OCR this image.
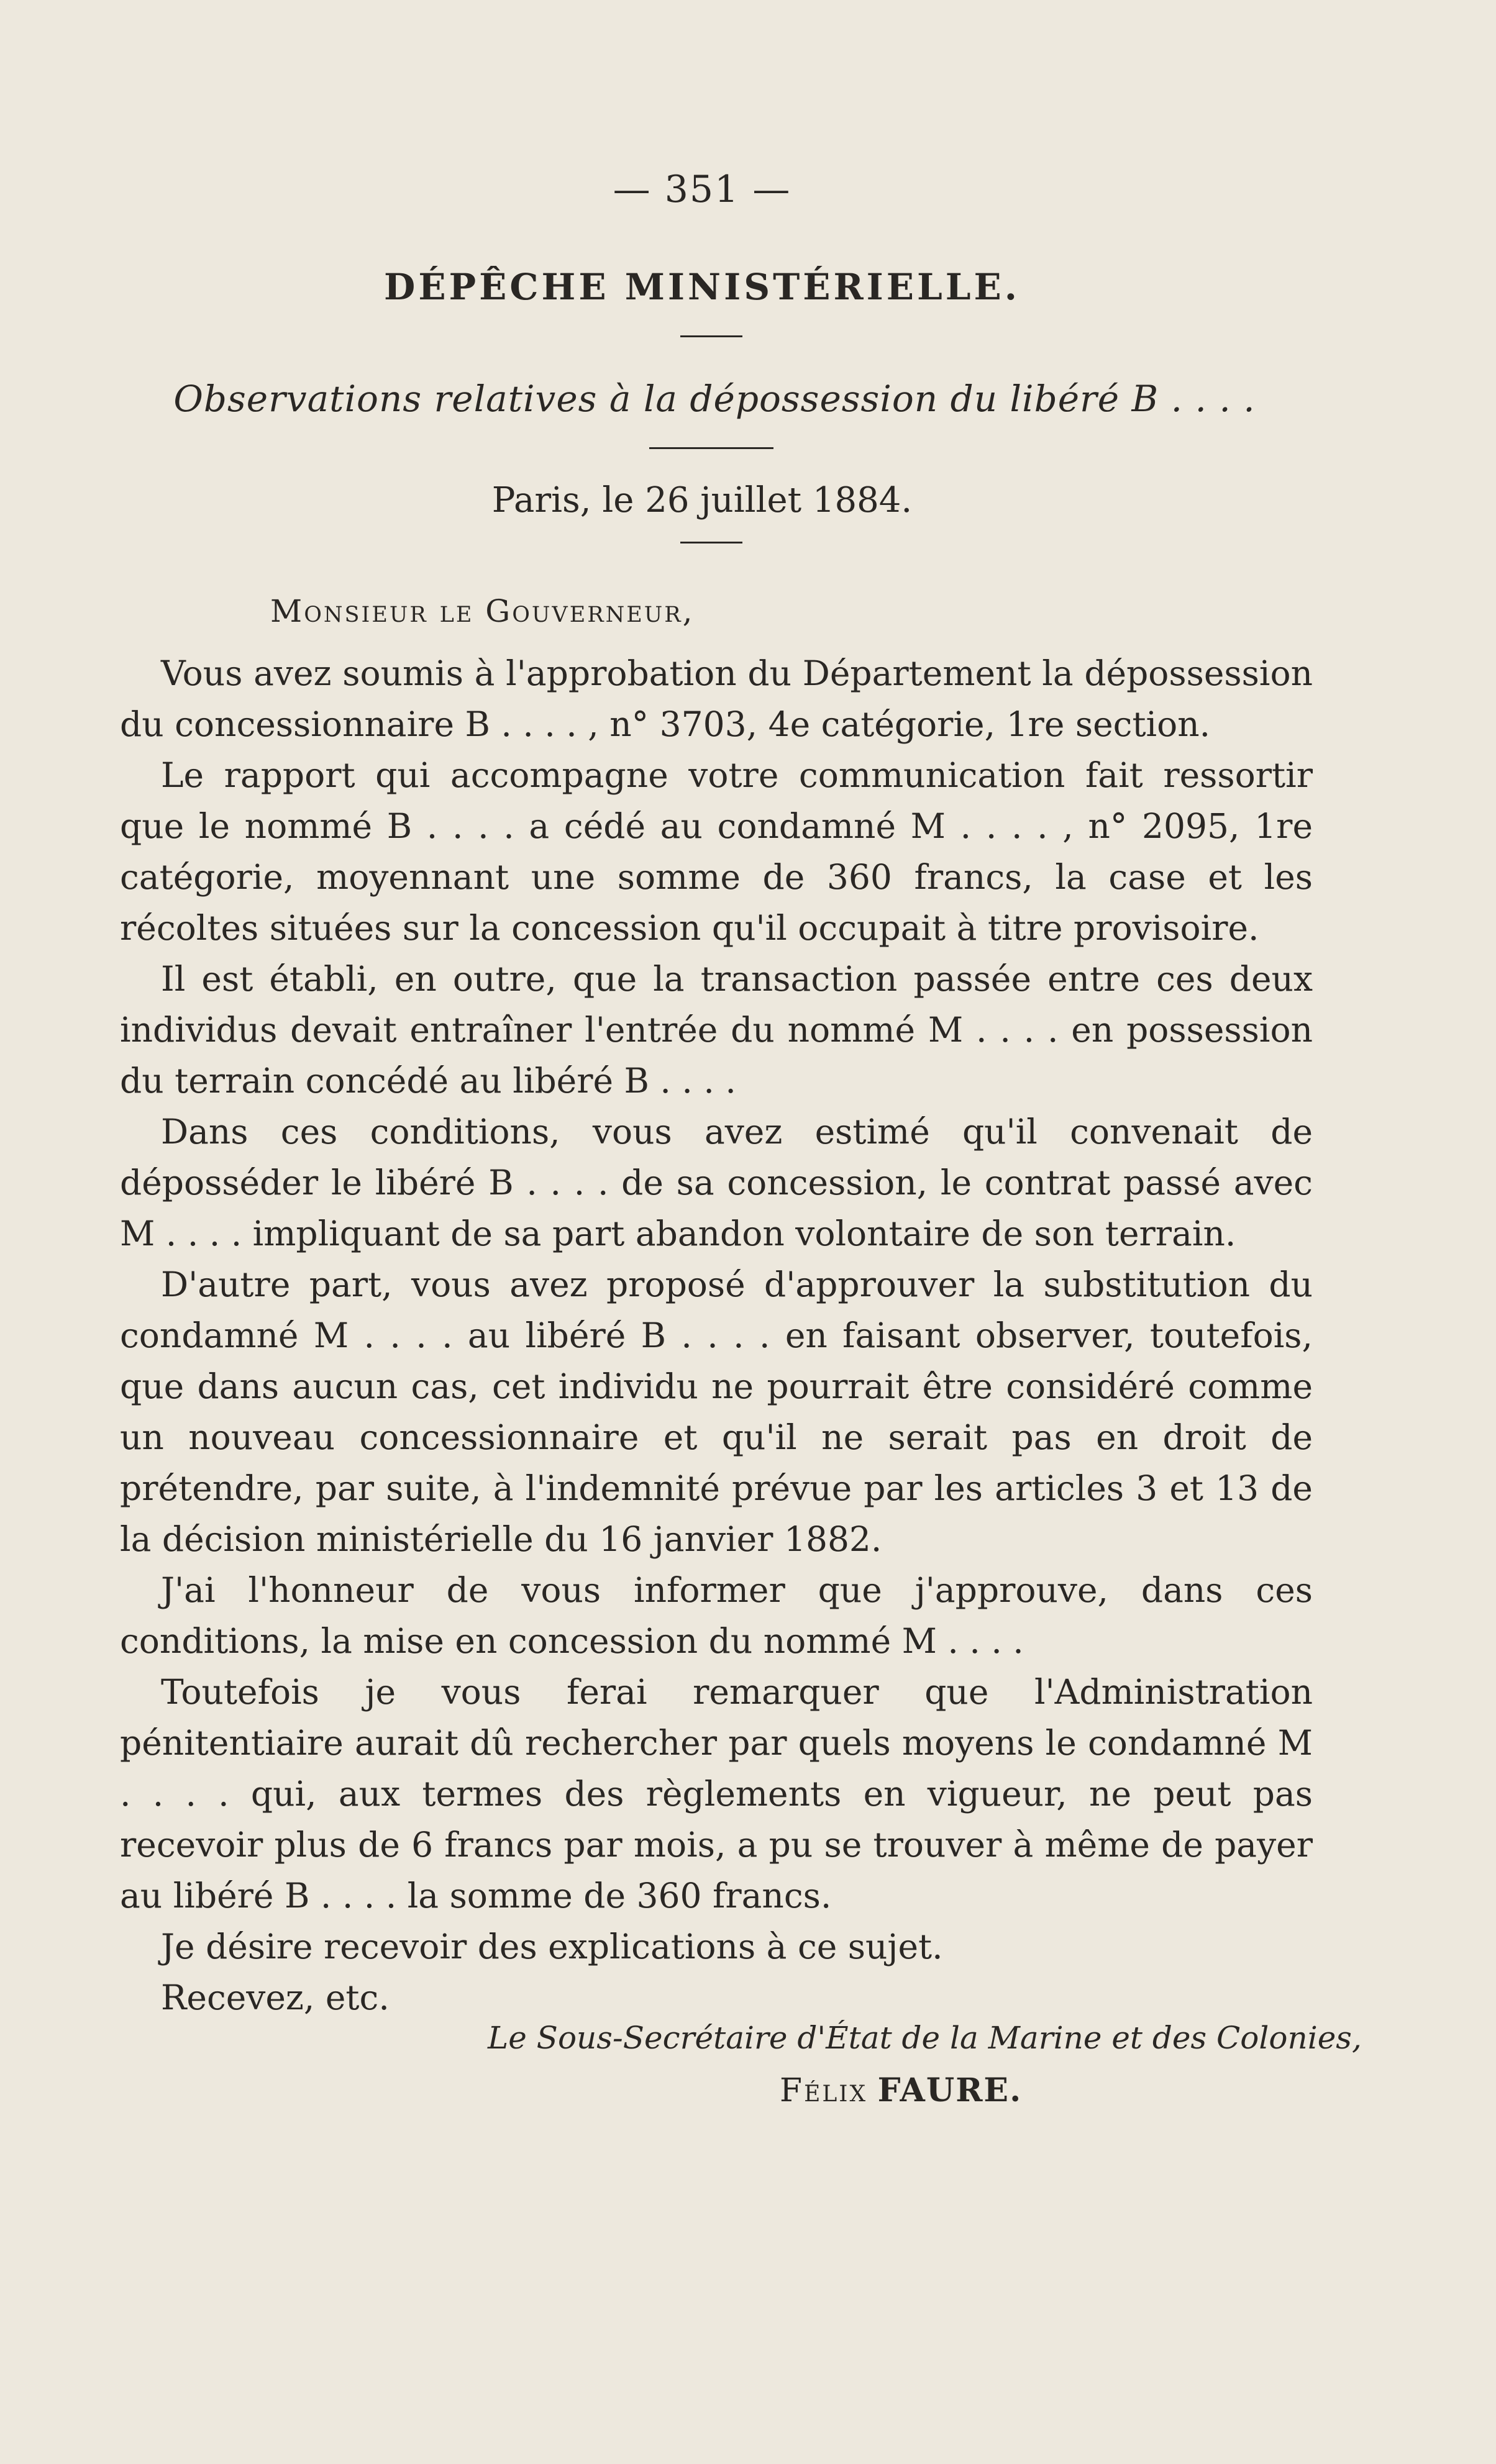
— 351 —
DÉPÊCHE MINISTÉRIELLE.
Observations relatives à la dépossession du libéré B . . . .
Paris, le 26 juillet 1884.
Monsieur le Gouverneur,

Vous avez soumis à l'approbation du Département la dépossession du concessionnaire B . . . . , n° 3703, 4e catégorie, 1re section.

Le rapport qui accompagne votre communication fait ressortir que le nommé B . . . . a cédé au condamné M . . . . , n° 2095, 1re catégorie, moyennant une somme de 360 francs, la case et les récoltes situées sur la concession qu'il occupait à titre provisoire.

Il est établi, en outre, que la transaction passée entre ces deux individus devait entraîner l'entrée du nommé M . . . . en possession du terrain concédé au libéré B . . . .

Dans ces conditions, vous avez estimé qu'il convenait de déposséder le libéré B . . . . de sa concession, le contrat passé avec M . . . . impliquant de sa part abandon volontaire de son terrain.

D'autre part, vous avez proposé d'approuver la substitution du condamné M . . . . au libéré B . . . . en faisant observer, toutefois, que dans aucun cas, cet individu ne pourrait être considéré comme un nouveau concessionnaire et qu'il ne serait pas en droit de prétendre, par suite, à l'indemnité prévue par les articles 3 et 13 de la décision ministérielle du 16 janvier 1882.

J'ai l'honneur de vous informer que j'approuve, dans ces conditions, la mise en concession du nommé M . . . .

Toutefois je vous ferai remarquer que l'Administration pénitentiaire aurait dû rechercher par quels moyens le condamné M . . . . qui, aux termes des règlements en vigueur, ne peut pas recevoir plus de 6 francs par mois, a pu se trouver à même de payer au libéré B . . . . la somme de 360 francs.

Je désire recevoir des explications à ce sujet.

Recevez, etc.

Le Sous-Secrétaire d'État de la Marine et des Colonies,
Félix FAURE.
